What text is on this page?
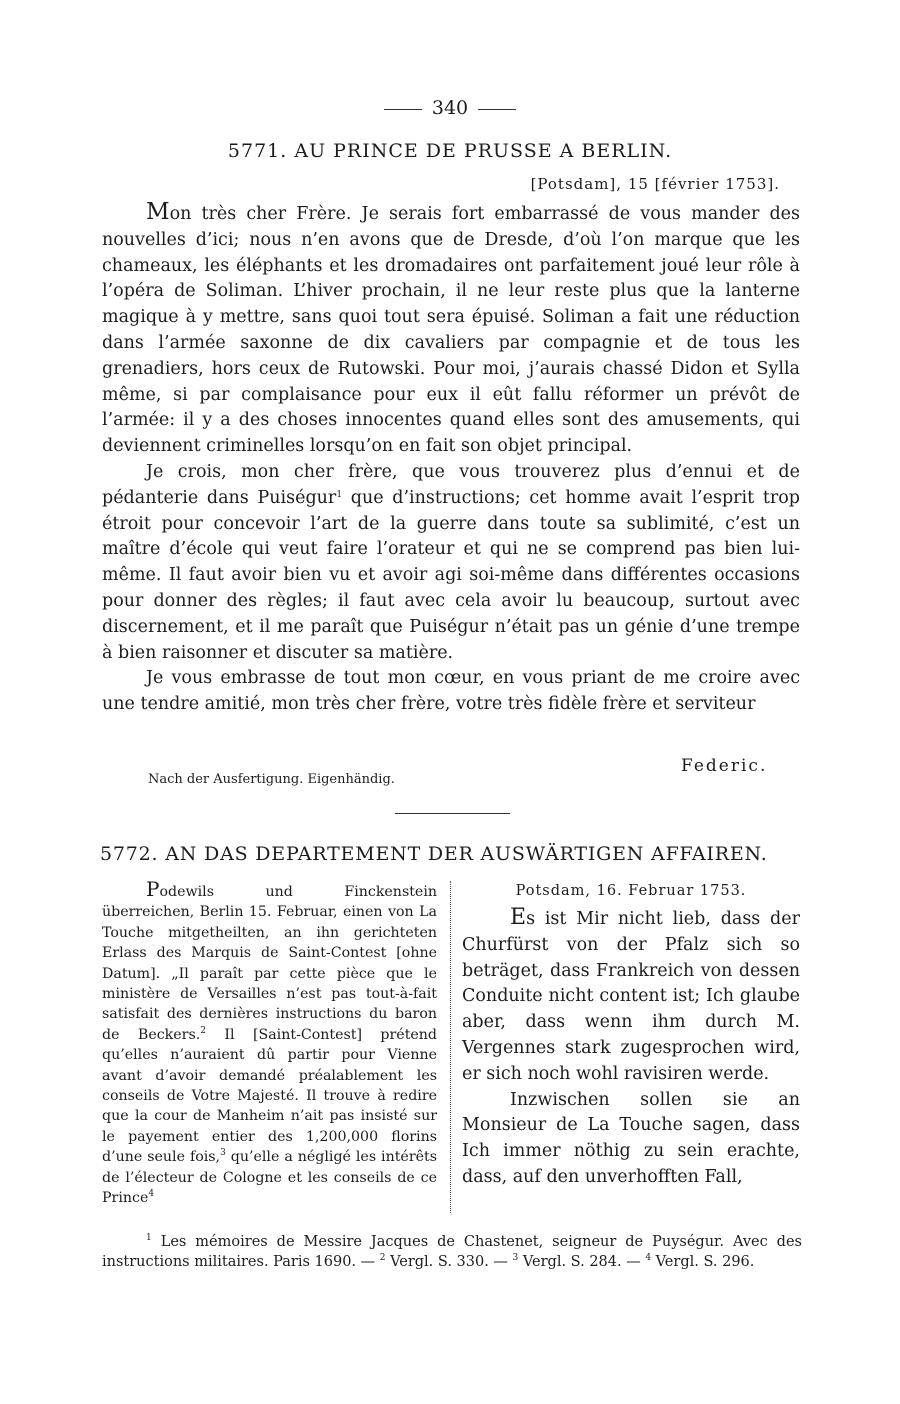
340
5771. AU PRINCE DE PRUSSE A BERLIN.
[Potsdam], 15 [février 1753].

Mon très cher Frère. Je serais fort embarrassé de vous mander des nouvelles d’ici; nous n’en avons que de Dresde, d’où l’on marque que les chameaux, les éléphants et les dromadaires ont parfaitement joué leur rôle à l’opéra de Soliman. L’hiver prochain, il ne leur reste plus que la lanterne magique à y mettre, sans quoi tout sera épuisé. Soliman a fait une réduction dans l’armée saxonne de dix cavaliers par compagnie et de tous les grenadiers, hors ceux de Rutowski. Pour moi, j’aurais chassé Didon et Sylla même, si par complaisance pour eux il eût fallu réformer un prévôt de l’armée: il y a des choses innocentes quand elles sont des amusements, qui deviennent criminelles lorsqu’on en fait son objet principal.

Je crois, mon cher frère, que vous trouverez plus d’ennui et de pédanterie dans Puiségur$^1$ que d’instructions; cet homme avait l’esprit trop étroit pour concevoir l’art de la guerre dans toute sa sublimité, c’est un maître d’école qui veut faire l’orateur et qui ne se comprend pas bien lui-même. Il faut avoir bien vu et avoir agi soi-même dans différentes occasions pour donner des règles; il faut avec cela avoir lu beaucoup, surtout avec discernement, et il me paraît que Puiségur n’était pas un génie d’une trempe à bien raisonner et discuter sa matière.

Je vous embrasse de tout mon cœur, en vous priant de me croire avec une tendre amitié, mon très cher frère, votre très fidèle frère et serviteur

Federic.
Nach der Ausfertigung. Eigenhändig.
5772. AN DAS DEPARTEMENT DER AUSWÄRTIGEN AFFAIREN.

Podewils und Finckenstein überreichen, Berlin 15. Februar, einen von La Touche mitgetheilten, an ihn gerichteten Erlass des Marquis de Saint-Contest [ohne Datum]. „Il paraît par cette pièce que le ministère de Versailles n’est pas tout-à-fait satisfait des dernières instructions du baron de Beckers.$^2$ Il [Saint-Contest] prétend qu’elles n’auraient dû partir pour Vienne avant d’avoir demandé préalablement les conseils de Votre Majesté. Il trouve à redire que la cour de Manheim n’ait pas insisté sur le payement entier des 1,200,000 florins d’une seule fois,$^3$ qu’elle a négligé les intérêts de l’électeur de Cologne et les conseils de ce Prince$^4$

Potsdam, 16. Februar 1753.

Es ist Mir nicht lieb, dass der Churfürst von der Pfalz sich so beträget, dass Frankreich von dessen Conduite nicht content ist; Ich glaube aber, dass wenn ihm durch M. Vergennes stark zugesprochen wird, er sich noch wohl ravisiren werde.

Inzwischen sollen sie an Monsieur de La Touche sagen, dass Ich immer nöthig zu sein erachte, dass, auf den unverhofften Fall,

$^1$ Les mémoires de Messire Jacques de Chastenet, seigneur de Puységur. Avec des instructions militaires. Paris 1690. — $^2$ Vergl. S. 330. — $^3$ Vergl. S. 284. — $^4$ Vergl. S. 296.
